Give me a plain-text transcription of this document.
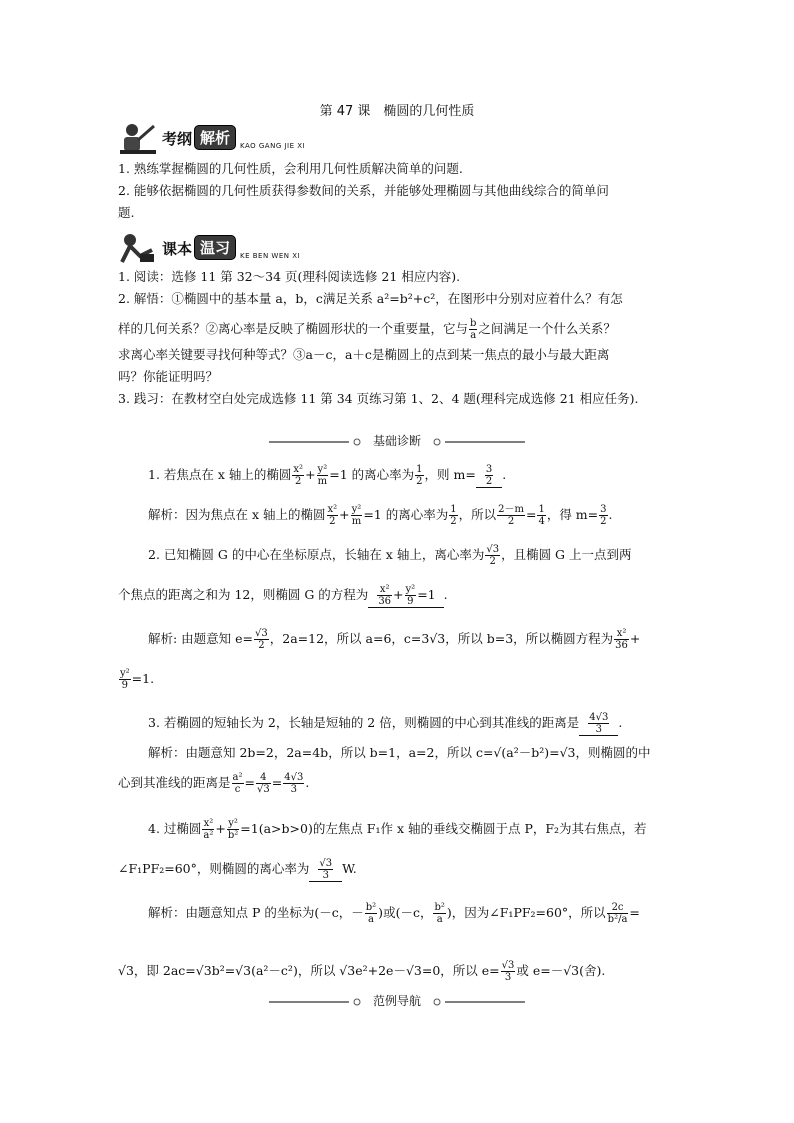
第 47 课　椭圆的几何性质
考纲 解析	KAO GANG JIE XI
1. 熟练掌握椭圆的几何性质，会利用几何性质解决简单的问题.
2. 能够依据椭圆的几何性质获得参数间的关系，并能够处理椭圆与其他曲线综合的简单问
题.
课本 温习	KE BEN WEN XI
1. 阅读：选修 11 第 32～34 页(理科阅读选修 21 相应内容).
2. 解悟：①椭圆中的基本量 a，b，c满足关系 a²=b²+c²，在图形中分别对应着什么？有怎
样的几何关系？②离心率是反映了椭圆形状的一个重要量，它与 $\frac{b}{a}$ 之间满足一个什么关系？
求离心率关键要寻找何种等式？③a－c，a＋c是椭圆上的点到某一焦点的最小与最大距离
吗？你能证明吗？
3. 践习：在教材空白处完成选修 11 第 34 页练习第 1、2、4 题(理科完成选修 21 相应任务).
基础诊断
1. 若焦点在 x 轴上的椭圆 $\frac{\text{x²}}{2} + \frac{\text{y²}}{m} =1$ 的离心率为 $\frac{1}{2}$ ，则 $m= \frac{3}{2}$ .
解析：因为焦点在 x 轴上的椭圆 $\frac{\text{x²}}{2} + \frac{\text{y²}}{m} =1$ 的离心率为 $\frac{1}{2}$ ，所以 $\frac{2-m}{2} = \frac{1}{4}$ ，得 $m= \frac{3}{2}$ .
2. 已知椭圆 G 的中心在坐标原点，长轴在 x 轴上，离心率为 $\frac{√3}{2}$ ，且椭圆 G 上一点到两
个焦点的距离之和为 12，则椭圆 G 的方程为 $\frac{\text{x²}}{36} + \frac{\text{y²}}{9} =1$ .
解析: 由题意知 $e= \frac{√3}{2}$ ，2a=12，所以 a=6，c=3√3，所以 b=3，所以椭圆方程为 $\frac{\text{x²}}{36}$ +
$\frac{\text{y²}}{9} =1$.
3. 若椭圆的短轴长为 2，长轴是短轴的 2 倍，则椭圆的中心到其准线的距离是 $\frac{4√3}{3}$ .
解析：由题意知 2b=2，2a=4b，所以 b=1，a=2，所以 c=√(a²－b²)=√3，则椭圆的中
心到其准线的距离是 $\frac{\text{a²}}{c} = \frac{4}{√3} = \frac{4√3}{3}$ .
4. 过椭圆 $\frac{\text{x²}}{\text{a²}} + \frac{\text{y²}}{\text{b²}} =1(a>b>0)$的左焦点 F₁作 x 轴的垂线交椭圆于点 P，F₂为其右焦点，若
∠F₁PF₂=60°，则椭圆的离心率为 $\frac{√3}{3} W$.
解析：由题意知点 P 的坐标为(－c，－ $\frac{\text{b²}}{a}$ )或(－c， $\frac{\text{b²}}{a}$ )，因为∠F₁PF₂=60°，所以 $\frac{2c}{\text{b²/a}}$ =
√3，即 2ac=√3b²=√3(a²－c²)，所以 √3e²+2e－√3=0，所以 $e= \frac{√3}{3}$ 或 e=－√3(舍).
范例导航
